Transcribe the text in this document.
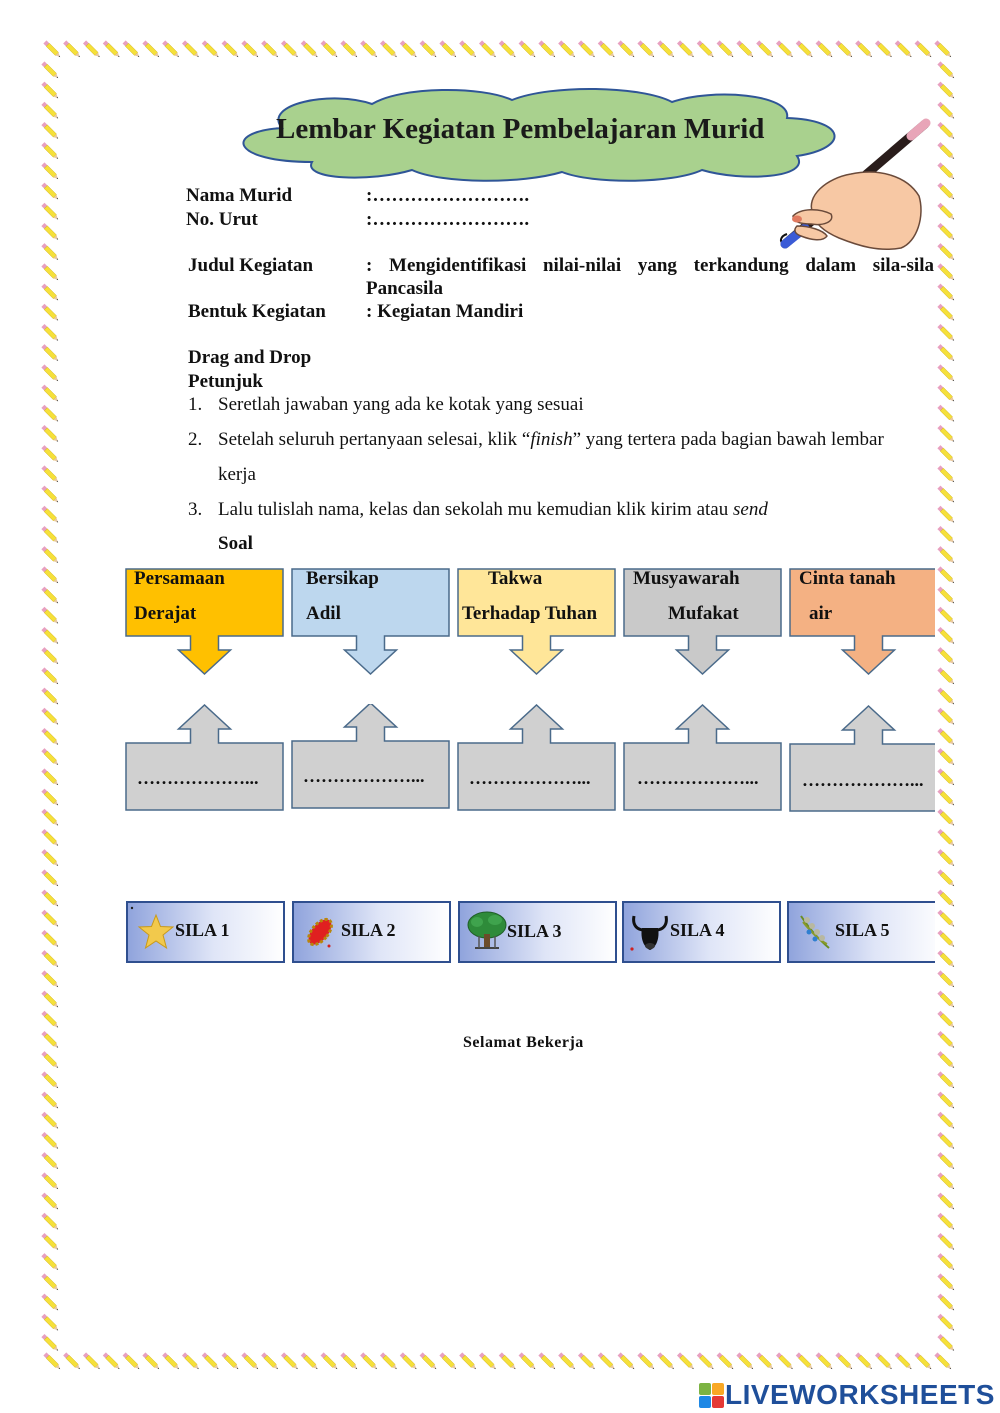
Lembar Kegiatan Pembelajaran Murid
Nama Murid	:…………………….
No. Urut	:…………………….
Judul Kegiatan	: Mengidentifikasi nilai-nilai yang terkandung dalam sila-sila
Pancasila
Bentuk Kegiatan : Kegiatan Mandiri
Drag and Drop
Petunjuk
1. Seretlah jawaban yang ada ke kotak yang sesuai
2. Setelah seluruh pertanyaan selesai, klik “finish” yang tertera pada bagian bawah lembar
kerja
3. Lalu tulislah nama, kelas dan sekolah mu kemudian klik kirim atau send
Soal
Persamaan
Derajat
Bersikap
Adil
Takwa
Terhadap Tuhan
Musyawarah
Mufakat
Cinta tanah
air
………………... ………………... ………………...	………………... ………………...
SILA 1	SILA 2	SILA 3	SILA 4	SILA 5
Selamat Bekerja
LIVEWORKSHEETS
